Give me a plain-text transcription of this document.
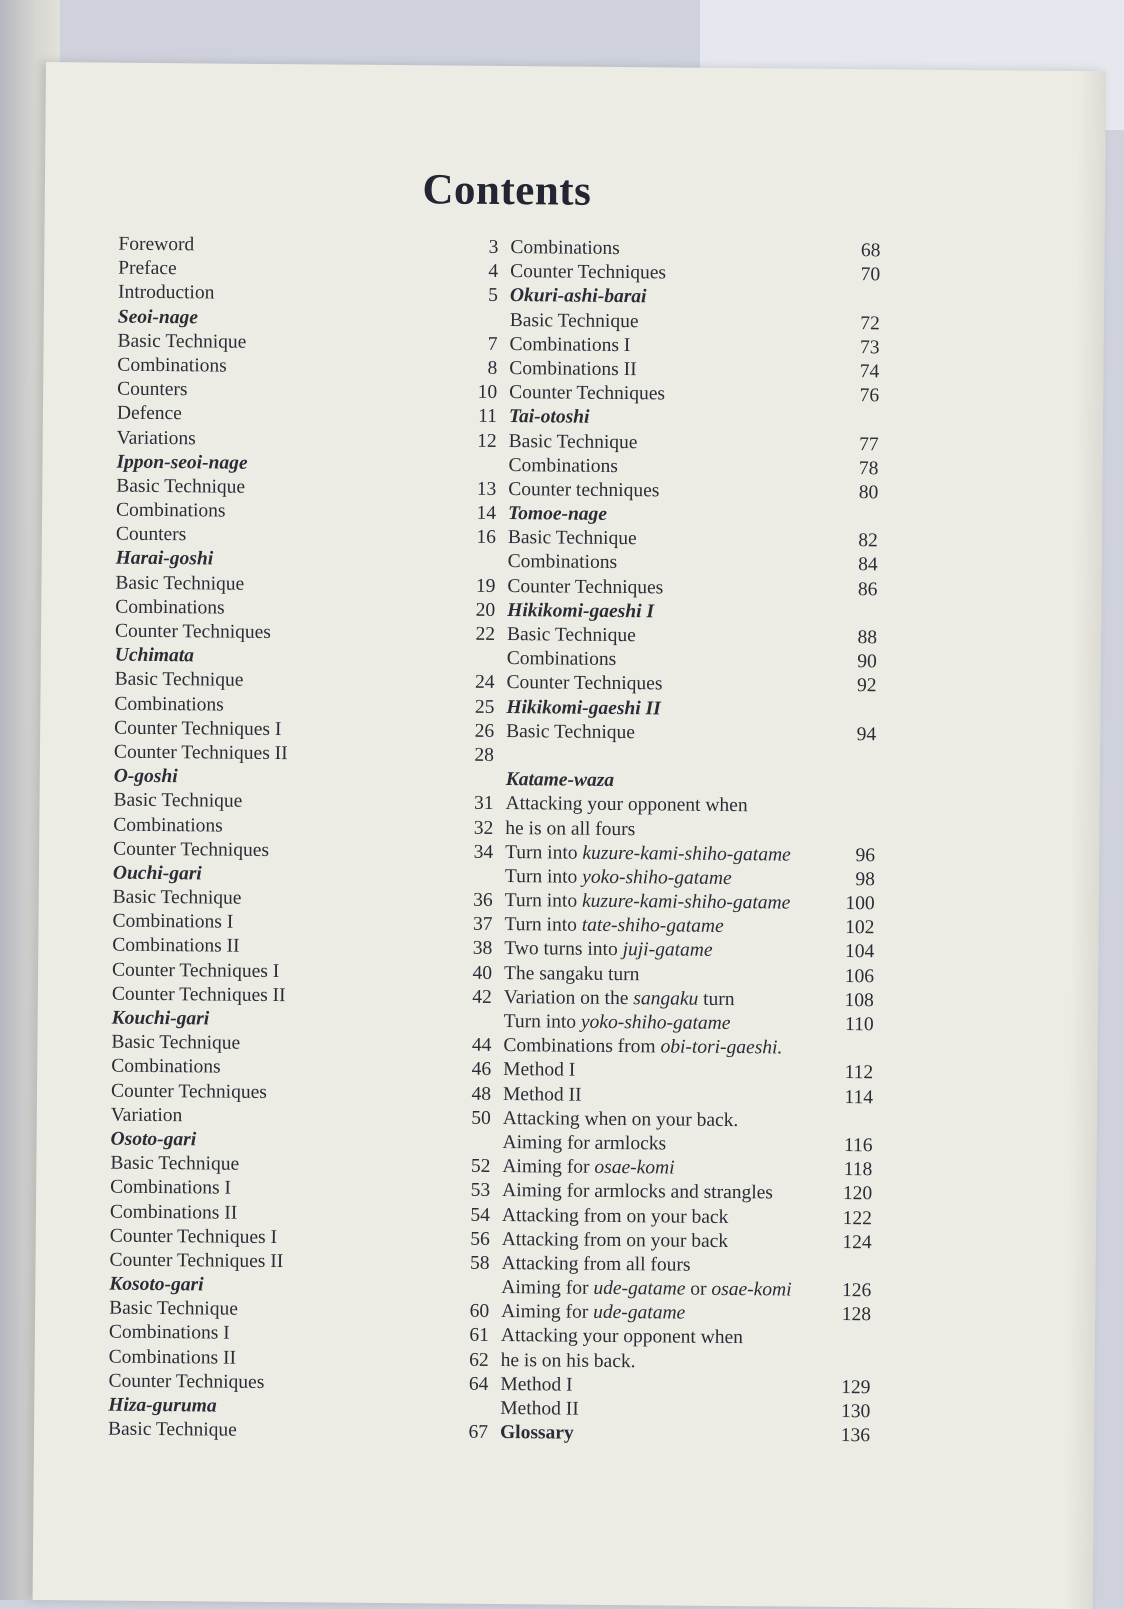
Contents
Foreword	3
Preface	4
Introduction	5
Seoi-nage
Basic Technique	7
Combinations	8
Counters	10
Defence	11
Variations	12
Ippon-seoi-nage
Basic Technique	13
Combinations	14
Counters	16
Harai-goshi
Basic Technique	19
Combinations	20
Counter Techniques	22
Uchimata
Basic Technique	24
Combinations	25
Counter Techniques I	26
Counter Techniques II	28
O-goshi
Basic Technique	31
Combinations	32
Counter Techniques	34
Ouchi-gari
Basic Technique	36
Combinations I	37
Combinations II	38
Counter Techniques I	40
Counter Techniques II	42
Kouchi-gari
Basic Technique	44
Combinations	46
Counter Techniques	48
Variation	50
Osoto-gari
Basic Technique	52
Combinations I	53
Combinations II	54
Counter Techniques I	56
Counter Techniques II	58
Kosoto-gari
Basic Technique	60
Combinations I	61
Combinations II	62
Counter Techniques	64
Hiza-guruma
Basic Technique	67
Combinations	68
Counter Techniques	70
Okuri-ashi-barai
Basic Technique	72
Combinations I	73
Combinations II	74
Counter Techniques	76
Tai-otoshi
Basic Technique	77
Combinations	78
Counter techniques	80
Tomoe-nage
Basic Technique	82
Combinations	84
Counter Techniques	86
Hikikomi-gaeshi I
Basic Technique	88
Combinations	90
Counter Techniques	92
Hikikomi-gaeshi II
Basic Technique	94
Katame-waza
Attacking your opponent when
he is on all fours
Turn into kuzure-kami-shiho-gatame	96
Turn into yoko-shiho-gatame	98
Turn into kuzure-kami-shiho-gatame	100
Turn into tate-shiho-gatame	102
Two turns into juji-gatame	104
The sangaku turn	106
Variation on the sangaku turn	108
Turn into yoko-shiho-gatame	110
Combinations from obi-tori-gaeshi.
Method I	112
Method II	114
Attacking when on your back.
Aiming for armlocks	116
Aiming for osae-komi	118
Aiming for armlocks and strangles	120
Attacking from on your back	122
Attacking from on your back	124
Attacking from all fours
Aiming for ude-gatame or osae-komi	126
Aiming for ude-gatame	128
Attacking your opponent when
he is on his back.
Method I	129
Method II	130
Glossary	136
